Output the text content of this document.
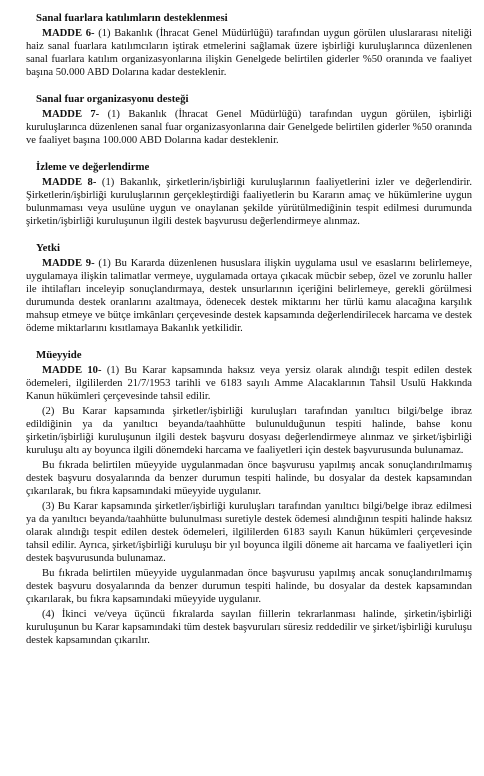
Sanal fuarlara katılımların desteklenmesi

MADDE 6- (1) Bakanlık (İhracat Genel Müdürlüğü) tarafından uygun görülen uluslararası niteliği haiz sanal fuarlara katılımcıların iştirak etmelerini sağlamak üzere işbirliği kuruluşlarınca düzenlenen sanal fuarlara katılım organizasyonlarına ilişkin Genelgede belirtilen giderler %50 oranında ve faaliyet başına 50.000 ABD Dolarına kadar desteklenir.

Sanal fuar organizasyonu desteği

MADDE 7- (1) Bakanlık (İhracat Genel Müdürlüğü) tarafından uygun görülen, işbirliği kuruluşlarınca düzenlenen sanal fuar organizasyonlarına dair Genelgede belirtilen giderler %50 oranında ve faaliyet başına 100.000 ABD Dolarına kadar desteklenir.

İzleme ve değerlendirme

MADDE 8- (1) Bakanlık, şirketlerin/işbirliği kuruluşlarının faaliyetlerini izler ve değerlendirir. Şirketlerin/işbirliği kuruluşlarının gerçekleştirdiği faaliyetlerin bu Kararın amaç ve hükümlerine uygun bulunmaması veya usulüne uygun ve onaylanan şekilde yürütülmediğinin tespit edilmesi durumunda şirketin/işbirliği kuruluşunun ilgili destek başvurusu değerlendirmeye alınmaz.

Yetki

MADDE 9- (1) Bu Kararda düzenlenen hususlara ilişkin uygulama usul ve esaslarını belirlemeye, uygulamaya ilişkin talimatlar vermeye, uygulamada ortaya çıkacak mücbir sebep, özel ve zorunlu haller ile ihtilafları inceleyip sonuçlandırmaya, destek unsurlarının içeriğini belirlemeye, gerekli görülmesi durumunda destek oranlarını azaltmaya, ödenecek destek miktarını her türlü kamu alacağına karşılık mahsup etmeye ve bütçe imkânları çerçevesinde destek kapsamında değerlendirilecek harcama ve destek ödeme miktarlarını kısıtlamaya Bakanlık yetkilidir.

Müeyyide

MADDE 10- (1) Bu Karar kapsamında haksız veya yersiz olarak alındığı tespit edilen destek ödemeleri, ilgililerden 21/7/1953 tarihli ve 6183 sayılı Amme Alacaklarının Tahsil Usulü Hakkında Kanun hükümleri çerçevesinde tahsil edilir.

(2) Bu Karar kapsamında şirketler/işbirliği kuruluşları tarafından yanıltıcı bilgi/belge ibraz edildiğinin ya da yanıltıcı beyanda/taahhütte bulunulduğunun tespiti halinde, bahse konu şirketin/işbirliği kuruluşunun ilgili destek başvuru dosyası değerlendirmeye alınmaz ve şirket/işbirliği kuruluşu altı ay boyunca ilgili dönemdeki harcama ve faaliyetleri için destek başvurusunda bulunamaz.

Bu fıkrada belirtilen müeyyide uygulanmadan önce başvurusu yapılmış ancak sonuçlandırılmamış destek başvuru dosyalarında da benzer durumun tespiti halinde, bu dosyalar da destek kapsamından çıkarılarak, bu fıkra kapsamındaki müeyyide uygulanır.

(3) Bu Karar kapsamında şirketler/işbirliği kuruluşları tarafından yanıltıcı bilgi/belge ibraz edilmesi ya da yanıltıcı beyanda/taahhütte bulunulması suretiyle destek ödemesi alındığının tespiti halinde haksız olarak alındığı tespit edilen destek ödemeleri, ilgililerden 6183 sayılı Kanun hükümleri çerçevesinde tahsil edilir. Ayrıca, şirket/işbirliği kuruluşu bir yıl boyunca ilgili döneme ait harcama ve faaliyetleri için destek başvurusunda bulunamaz.

Bu fıkrada belirtilen müeyyide uygulanmadan önce başvurusu yapılmış ancak sonuçlandırılmamış destek başvuru dosyalarında da benzer durumun tespiti halinde, bu dosyalar da destek kapsamından çıkarılarak, bu fıkra kapsamındaki müeyyide uygulanır.

(4) İkinci ve/veya üçüncü fıkralarda sayılan fiillerin tekrarlanması halinde, şirketin/işbirliği kuruluşunun bu Karar kapsamındaki tüm destek başvuruları süresiz reddedilir ve şirket/işbirliği kuruluşu destek kapsamından çıkarılır.
